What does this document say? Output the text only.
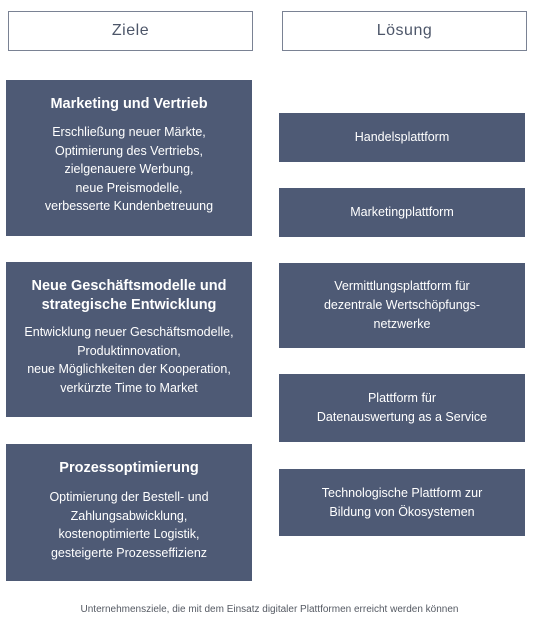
Ziele	Lösung
Marketing und Vertrieb
Erschließung neuer Märkte,
Optimierung des Vertriebs,
zielgenauere Werbung,
neue Preismodelle,
verbesserte Kundenbetreuung
Neue Geschäftsmodelle und
strategische Entwicklung
Entwicklung neuer Geschäftsmodelle,
Produktinnovation,
neue Möglichkeiten der Kooperation,
verkürzte Time to Market
Prozessoptimierung
Optimierung der Bestell- und
Zahlungsabwicklung,
kostenoptimierte Logistik,
gesteigerte Prozesseffizienz
Handelsplattform
Marketingplattform
Vermittlungsplattform für
dezentrale Wertschöpfungs-
netzwerke
Plattform für
Datenauswertung as a Service
Technologische Plattform zur
Bildung von Ökosystemen
Unternehmensziele, die mit dem Einsatz digitaler Plattformen erreicht werden können
